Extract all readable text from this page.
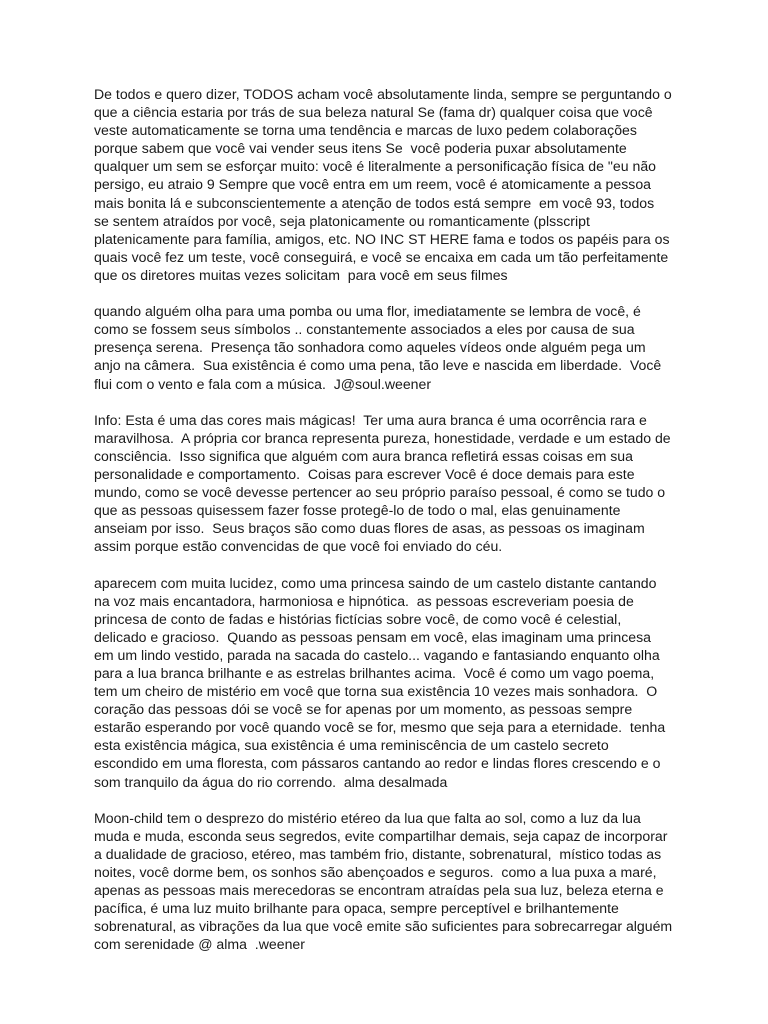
De todos e quero dizer, TODOS acham você absolutamente linda, sempre se perguntando o
que a ciência estaria por trás de sua beleza natural Se (fama dr) qualquer coisa que você
veste automaticamente se torna uma tendência e marcas de luxo pedem colaborações
porque sabem que você vai vender seus itens Se  você poderia puxar absolutamente
qualquer um sem se esforçar muito: você é literalmente a personificação física de "eu não
persigo, eu atraio 9 Sempre que você entra em um reem, você é atomicamente a pessoa
mais bonita lá e subconscientemente a atenção de todos está sempre  em você 93, todos
se sentem atraídos por você, seja platonicamente ou romanticamente (plsscript
platenicamente para família, amigos, etc. NO INC ST HERE fama e todos os papéis para os
quais você fez um teste, você conseguirá, e você se encaixa em cada um tão perfeitamente
que os diretores muitas vezes solicitam  para você em seus filmes

quando alguém olha para uma pomba ou uma flor, imediatamente se lembra de você, é
como se fossem seus símbolos .. constantemente associados a eles por causa de sua
presença serena.  Presença tão sonhadora como aqueles vídeos onde alguém pega um
anjo na câmera.  Sua existência é como uma pena, tão leve e nascida em liberdade.  Você
flui com o vento e fala com a música.  J@soul.weener

Info: Esta é uma das cores mais mágicas!  Ter uma aura branca é uma ocorrência rara e
maravilhosa.  A própria cor branca representa pureza, honestidade, verdade e um estado de
consciência.  Isso significa que alguém com aura branca refletirá essas coisas em sua
personalidade e comportamento.  Coisas para escrever Você é doce demais para este
mundo, como se você devesse pertencer ao seu próprio paraíso pessoal, é como se tudo o
que as pessoas quisessem fazer fosse protegê-lo de todo o mal, elas genuinamente
anseiam por isso.  Seus braços são como duas flores de asas, as pessoas os imaginam
assim porque estão convencidas de que você foi enviado do céu.

aparecem com muita lucidez, como uma princesa saindo de um castelo distante cantando
na voz mais encantadora, harmoniosa e hipnótica.  as pessoas escreveriam poesia de
princesa de conto de fadas e histórias fictícias sobre você, de como você é celestial,
delicado e gracioso.  Quando as pessoas pensam em você, elas imaginam uma princesa
em um lindo vestido, parada na sacada do castelo... vagando e fantasiando enquanto olha
para a lua branca brilhante e as estrelas brilhantes acima.  Você é como um vago poema,
tem um cheiro de mistério em você que torna sua existência 10 vezes mais sonhadora.  O
coração das pessoas dói se você se for apenas por um momento, as pessoas sempre
estarão esperando por você quando você se for, mesmo que seja para a eternidade.  tenha
esta existência mágica, sua existência é uma reminiscência de um castelo secreto
escondido em uma floresta, com pássaros cantando ao redor e lindas flores crescendo e o
som tranquilo da água do rio correndo.  alma desalmada

Moon-child tem o desprezo do mistério etéreo da lua que falta ao sol, como a luz da lua
muda e muda, esconda seus segredos, evite compartilhar demais, seja capaz de incorporar
a dualidade de gracioso, etéreo, mas também frio, distante, sobrenatural,  místico todas as
noites, você dorme bem, os sonhos são abençoados e seguros.  como a lua puxa a maré,
apenas as pessoas mais merecedoras se encontram atraídas pela sua luz, beleza eterna e
pacífica, é uma luz muito brilhante para opaca, sempre perceptível e brilhantemente
sobrenatural, as vibrações da lua que você emite são suficientes para sobrecarregar alguém
com serenidade @ alma  .weener
